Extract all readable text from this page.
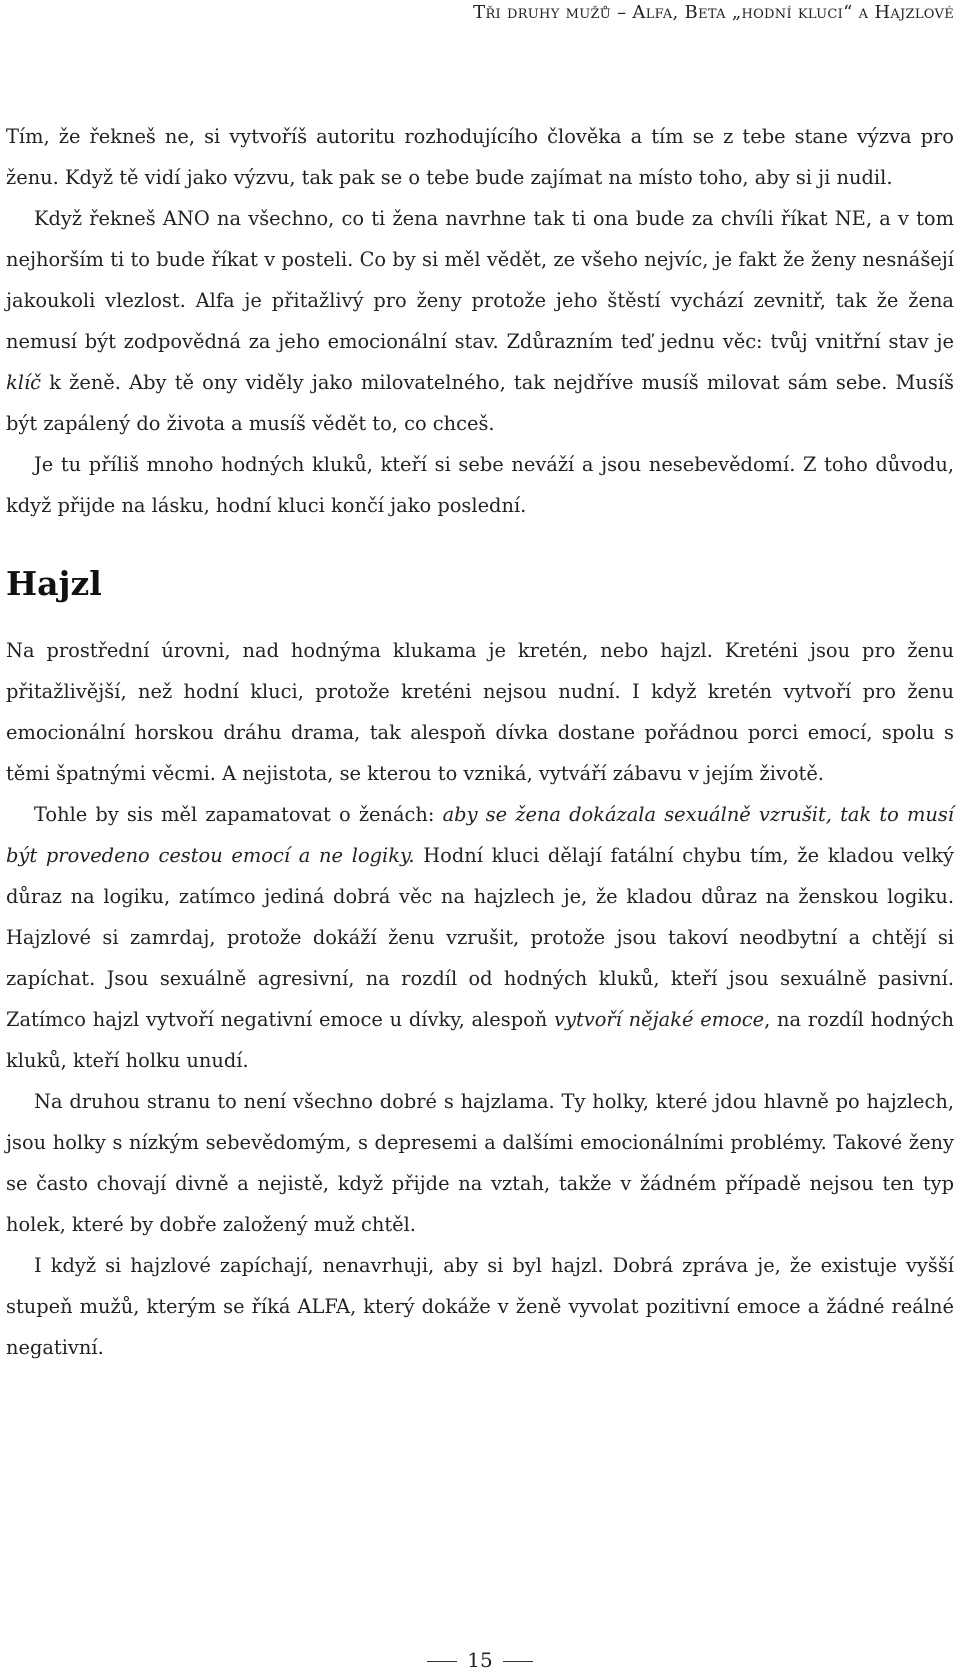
Tři druhy mužů – Alfa, Beta „hodní kluci“ a Hajzlové

Tím, že řekneš ne, si vytvoříš autoritu rozhodujícího člověka a tím se z tebe stane výzva pro ženu. Když tě vidí jako výzvu, tak pak se o tebe bude zajímat na místo toho, aby si ji nudil.

Když řekneš ANO na všechno, co ti žena navrhne tak ti ona bude za chvíli říkat NE, a v tom nejhorším ti to bude říkat v posteli. Co by si měl vědět, ze všeho nejvíc, je fakt že ženy nesnášejí jakoukoli vlezlost. Alfa je přitažlivý pro ženy protože jeho štěstí vychází zevnitř, tak že žena nemusí být zodpovědná za jeho emocionální stav. Zdůrazním teď jednu věc: tvůj vnitřní stav je klíč k ženě. Aby tě ony viděly jako milovatelného, tak nejdříve musíš milovat sám sebe. Musíš být zapálený do života a musíš vědět to, co chceš.

Je tu příliš mnoho hodných kluků, kteří si sebe neváží a jsou nesebevědomí. Z toho důvodu, když přijde na lásku, hodní kluci končí jako poslední.

Hajzl

Na prostřední úrovni, nad hodnýma klukama je kretén, nebo hajzl. Kreténi jsou pro ženu přitažlivější, než hodní kluci, protože kreténi nejsou nudní. I když kretén vytvoří pro ženu emocionální horskou dráhu drama, tak alespoň dívka dostane pořádnou porci emocí, spolu s těmi špatnými věcmi. A nejistota, se kterou to vzniká, vytváří zábavu v jejím životě.

Tohle by sis měl zapamatovat o ženách: aby se žena dokázala sexuálně vzrušit, tak to musí být provedeno cestou emocí a ne logiky. Hodní kluci dělají fatální chybu tím, že kladou velký důraz na logiku, zatímco jediná dobrá věc na hajzlech je, že kladou důraz na ženskou logiku. Hajzlové si zamrdaj, protože dokáží ženu vzrušit, protože jsou takoví neodbytní a chtějí si zapíchat. Jsou sexuálně agresivní, na rozdíl od hodných kluků, kteří jsou sexuálně pasivní. Zatímco hajzl vytvoří negativní emoce u dívky, alespoň vytvoří nějaké emoce, na rozdíl hodných kluků, kteří holku unudí.

Na druhou stranu to není všechno dobré s hajzlama. Ty holky, které jdou hlavně po hajzlech, jsou holky s nízkým sebevědomým, s depresemi a dalšími emocionálními problémy. Takové ženy se často chovají divně a nejistě, když přijde na vztah, takže v žádném případě nejsou ten typ holek, které by dobře založený muž chtěl.

I když si hajzlové zapíchají, nenavrhuji, aby si byl hajzl. Dobrá zpráva je, že existuje vyšší stupeň mužů, kterým se říká ALFA, který dokáže v ženě vyvolat pozitivní emoce a žádné reálné negativní.

15
